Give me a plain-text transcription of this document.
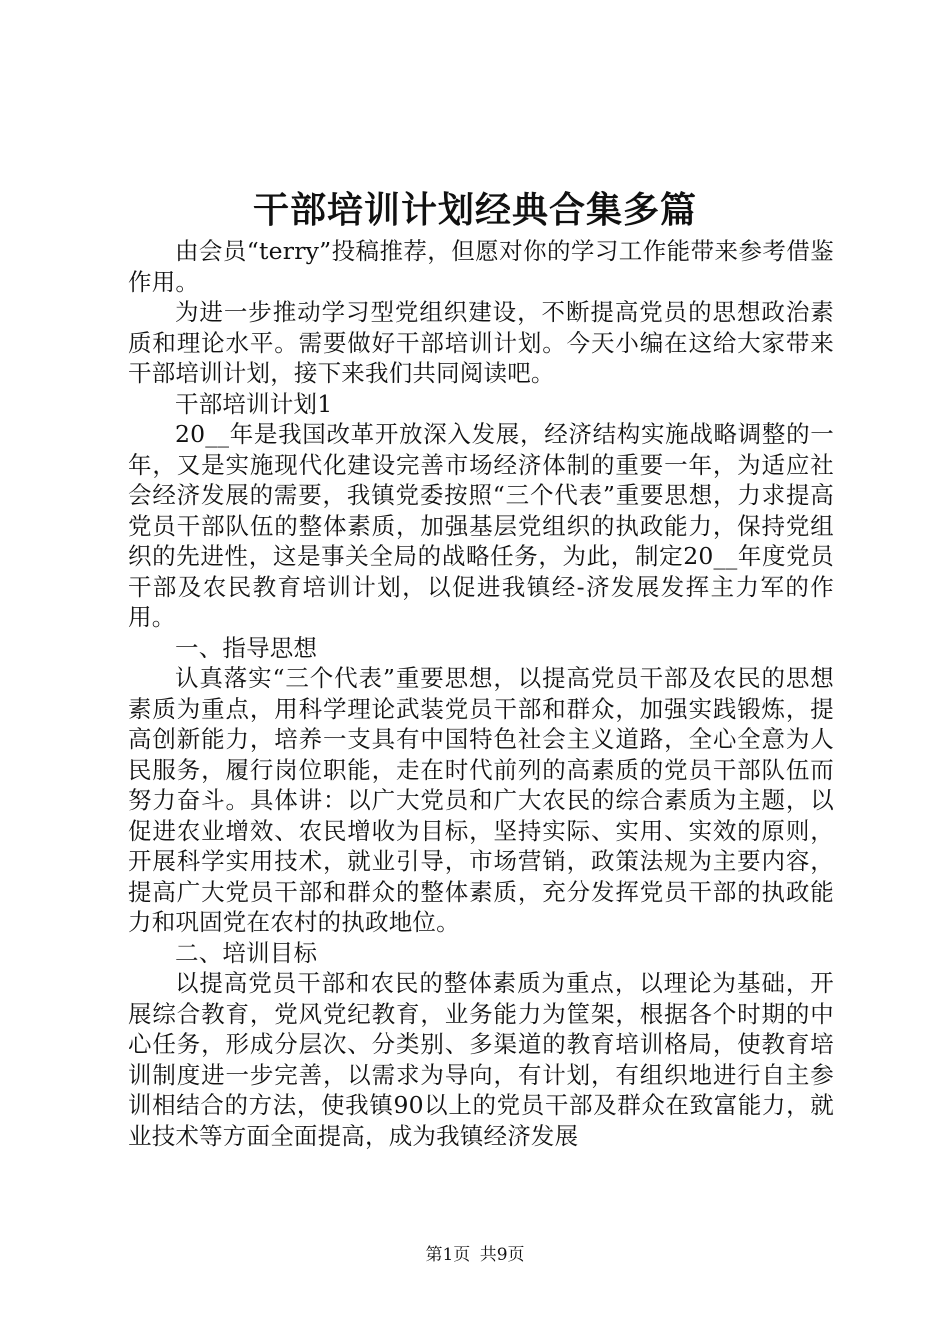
干部培训计划经典合集多篇

由会员“terry”投稿推荐，但愿对你的学习工作能带来参考借鉴作用。

为进一步推动学习型党组织建设，不断提高党员的思想政治素质和理论水平。需要做好干部培训计划。今天小编在这给大家带来干部培训计划，接下来我们共同阅读吧。

干部培训计划1

20__年是我国改革开放深入发展，经济结构实施战略调整的一年，又是实施现代化建设完善市场经济体制的重要一年，为适应社会经济发展的需要，我镇党委按照“三个代表”重要思想，力求提高党员干部队伍的整体素质，加强基层党组织的执政能力，保持党组织的先进性，这是事关全局的战略任务，为此，制定20__年度党员干部及农民教育培训计划，以促进我镇经-济发展发挥主力军的作用。

一、指导思想

认真落实“三个代表”重要思想，以提高党员干部及农民的思想素质为重点，用科学理论武装党员干部和群众，加强实践锻炼，提高创新能力，培养一支具有中国特色社会主义道路，全心全意为人民服务，履行岗位职能，走在时代前列的高素质的党员干部队伍而努力奋斗。具体讲：以广大党员和广大农民的综合素质为主题，以促进农业增效、农民增收为目标，坚持实际、实用、实效的原则，开展科学实用技术，就业引导，市场营销，政策法规为主要内容，提高广大党员干部和群众的整体素质，充分发挥党员干部的执政能力和巩固党在农村的执政地位。

二、培训目标

以提高党员干部和农民的整体素质为重点，以理论为基础，开展综合教育，党风党纪教育，业务能力为筐架，根据各个时期的中心任务，形成分层次、分类别、多渠道的教育培训格局，使教育培训制度进一步完善，以需求为导向，有计划，有组织地进行自主参训相结合的方法，使我镇90以上的党员干部及群众在致富能力，就业技术等方面全面提高，成为我镇经济发展

第1页 共9页
